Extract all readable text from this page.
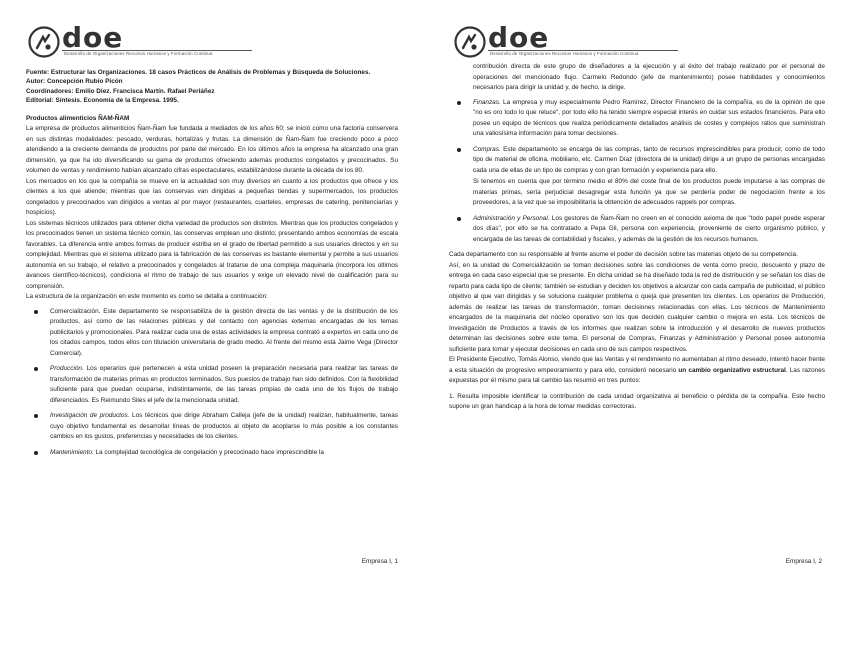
doe
Desarrollo de Organizaciones Recursos Humanos y Formación Continua
Fuente: Estructurar las Organizaciones. 18 casos Prácticos de Análisis de Problemas y Búsqueda de Soluciones.
Autor: Concepción Rubio Picón
Coordinadores: Emilio Díez. Francisca Martín. Rafael Periáñez
Editorial: Síntesis. Economía de la Empresa. 1995.
Productos alimenticios ÑAM-ÑAM

La empresa de productos alimenticios Ñam-Ñam fue fundada a mediados de los años 60; se inició como una factoría conservera en sus distintas modalidades: pescado, verduras, hortalizas y frutas. La dimensión de Ñam-Ñam fue creciendo poco a poco atendiendo a la creciente demanda de productos por parte del mercado. En los últimos años la empresa ha alcanzado una gran dimensión, ya que ha ido diversificando su gama de productos ofreciendo además productos congelados y precocinados. Su volumen de ventas y rendimiento habían alcanzado cifras espectaculares, estabilizándose durante la década de los 80.

Los mercados en los que la compañía se mueve en la actualidad son muy diversos en cuanto a los productos que ofrece y los clientes a los que atiende; mientras que las conservas van dirigidas a pequeñas tiendas y supermercados, los productos congelados y precocinados van dirigidos a ventas al por mayor (restaurantes, cuarteles, empresas de catering, penitenciarías y hospicios).

Los sistemas técnicos utilizados para obtener dicha variedad de productos son distintos. Mientras que los productos congelados y los precocinados tienen un sistema técnico común, las conservas emplean uno distinto; presentando ambos economías de escala favorables. La diferencia entre ambos formas de producir estriba en el grado de libertad permitido a sus usuarios directos y en su complejidad. Mientras que el sistema utilizado para la fabricación de las conservas es bastante elemental y permite a sus usuarios autonomía en su trabajo, el relativo a precocinados y congelados al tratarse de una compleja maquinaria (incorpora los últimos avances científico-técnicos), condiciona el ritmo de trabajo de sus usuarios y exige un elevado nivel de cualificación para su comprensión.

La estructura de la organización en este momento es como se detalla a continuación:

Comercialización. Este departamento se responsabiliza de la gestión directa de las ventas y de la distribución de los productos, así como de las relaciones públicas y del contacto con agencias externas encargadas de los temas publicitarios y promocionales. Para realizar cada una de estas actividades la empresa contrató a expertos en cada uno de los citados campos, todos ellos con titulación universitaria de grado medio. Al frente del mismo está Jaime Vega (Director Comercial).
Producción. Los operarios que pertenecen a esta unidad poseen la preparación necesaria para realizar las tareas de transformación de materias primas en productos terminados. Sus puestos de trabajo han sido definidos. Con la flexibilidad suficiente para que puedan ocuparse, indistintamente, de las tareas propias de cada uno de los flujos de trabajo diferenciados. Es Reimundo Siles el jefe de la mencionada unidad.
Investigación de productos. Los técnicos que dirige Abraham Calleja (jefe de la unidad) realizan, habitualmente, tareas cuyo objetivo fundamental es desarrollar líneas de productos al objeto de acoplarse lo más posible a los constantes cambios en los gustos, preferencias y necesidades de los clientes.
Mantenimiento. La complejidad tecnológica de congelación y precocinado hace imprescindible la
Empresa I, 1
doe
Desarrollo de Organizaciones Recursos Humanos y Formación Continua
contribución directa de este grupo de diseñadores a la ejecución y al éxito del trabajo realizado por el personal de operaciones del mencionado flujo. Carmelo Redondo (jefe de mantenimiento) posee habilidades y conocimientos necesarios para dirigir la unidad y, de hecho, la dirige.
Finanzas. La empresa y muy especialmente Pedro Ramírez, Director Financiero de la compañía, es de la opinión de que "no es oro todo lo que reluce", por todo ello ha tenido siempre especial interés en cuidar sus estados financieros. Para ello posee un equipo de técnicos que realiza periódicamente detallados análisis de costes y complejos ratios que suministran una valiosísima información para tomar decisiones.
Compras. Este departamento se encarga de las compras, tanto de recursos imprescindibles para producir, como de todo tipo de material de oficina, mobiliario, etc. Carmen Díaz (directora de la unidad) dirige a un grupo de personas encargadas cada una de ellas de un tipo de compras y con gran formación y experiencia para ello.
Si tenemos en cuenta que por término medio el 80% del coste final de los productos puede imputarse a las compras de materias primas, sería perjudicial desagregar esta función ya que se perdería poder de negociación frente a los proveedores, a la vez que se imposibilitaría la obtención de adecuados rappels por compras.
Administración y Personal. Los gestores de Ñam-Ñam no creen en el conocido axioma de que "todo papel puede esperar dos días", por ello se ha contratado a Pepa Gil, persona con experiencia, proveniente de cierto organismo público, y encargada de las tareas de contabilidad y fiscales, y además de la gestión de los recursos humanos.

Cada departamento con su responsable al frente asume el poder de decisión sobre las materias objeto de su competencia.

Así, en la unidad de Comercialización se toman decisiones sobre las condiciones de venta como precio, descuento y plazo de entrega en cada caso especial que se presente. En dicha unidad se ha diseñado toda la red de distribución y se señalan los días de reparto para cada tipo de cliente; también se estudian y deciden los objetivos a alcanzar con cada campaña de publicidad, el público objetivo al que van dirigidas y se soluciona cualquier problema o queja que presenten los clientes. Los operarios de Producción, además de realizar las tareas de transformación, toman decisiones relacionadas con ellas. Los técnicos de Mantenimiento encargados de la maquinaria del núcleo operativo son los que deciden cualquier cambio o mejora en esta. Los técnicos de Investigación de Productos a través de los informes que realizan sobre la introducción y el desarrollo de nuevos productos determinan las decisiones sobre este tema. El personal de Compras, Finanzas y Administración y Personal posee autonomía suficiente para tomar y ejecutar decisiones en cada uno de sus campos respectivos.

El Presidente Ejecutivo, Tomás Alonso, viendo que las Ventas y el rendimiento no aumentaban al ritmo deseado, intentó hacer frente a esta situación de progresivo empeoramiento y para ello, consideró necesario un cambio organizativo estructural. Las razones expuestas por él mismo para tal cambio las resumió en tres puntos:

1. Resulta imposible identificar la contribución de cada unidad organizativa al beneficio o pérdida de la compañía. Este hecho supone un gran handicap a la hora de tomar medidas correctoras.

Empresa I, 2
